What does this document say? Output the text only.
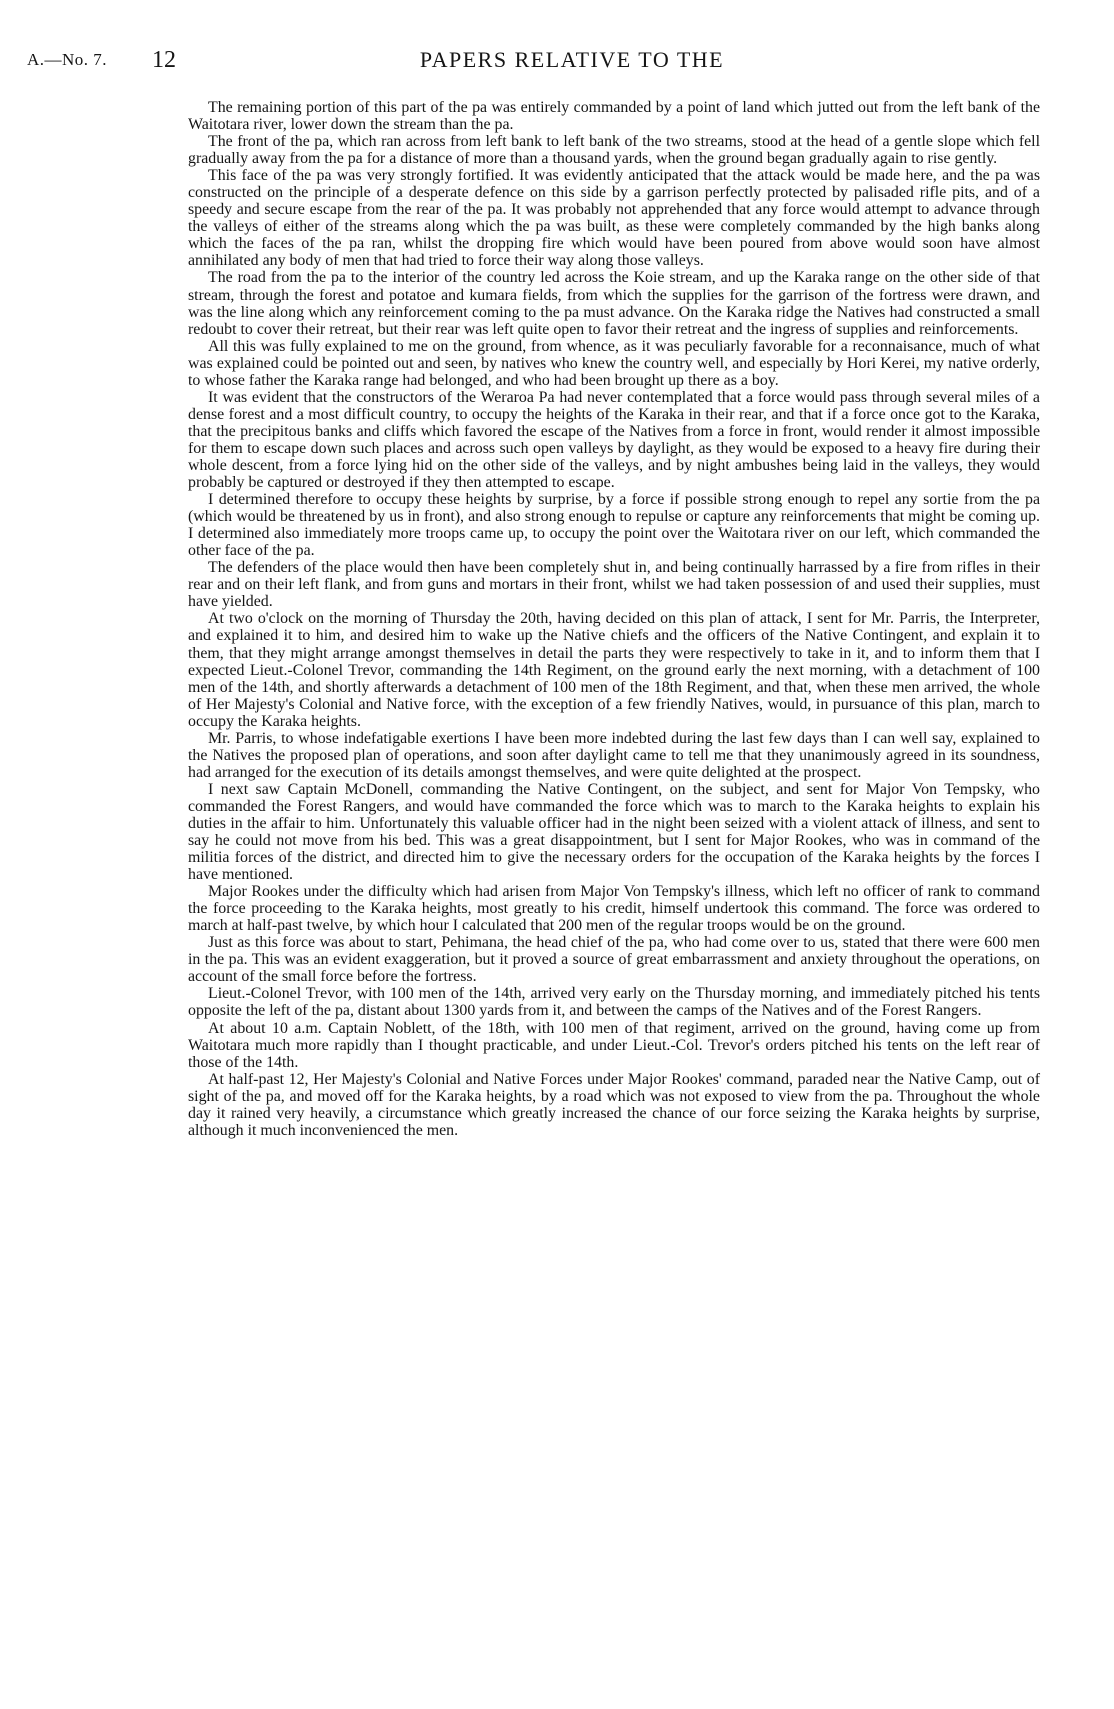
A.—No. 7. 12	PAPERS RELATIVE TO THE

The remaining portion of this part of the pa was entirely commanded by a point of land which jutted out from the left bank of the Waitotara river, lower down the stream than the pa.

The front of the pa, which ran across from left bank to left bank of the two streams, stood at the head of a gentle slope which fell gradually away from the pa for a distance of more than a thousand yards, when the ground began gradually again to rise gently.

This face of the pa was very strongly fortified. It was evidently anticipated that the attack would be made here, and the pa was constructed on the principle of a desperate defence on this side by a garrison perfectly protected by palisaded rifle pits, and of a speedy and secure escape from the rear of the pa. It was probably not apprehended that any force would attempt to advance through the valleys of either of the streams along which the pa was built, as these were completely commanded by the high banks along which the faces of the pa ran, whilst the dropping fire which would have been poured from above would soon have almost annihilated any body of men that had tried to force their way along those valleys.

The road from the pa to the interior of the country led across the Koie stream, and up the Karaka range on the other side of that stream, through the forest and potatoe and kumara fields, from which the supplies for the garrison of the fortress were drawn, and was the line along which any reinforcement coming to the pa must advance. On the Karaka ridge the Natives had constructed a small redoubt to cover their retreat, but their rear was left quite open to favor their retreat and the ingress of supplies and reinforcements.

All this was fully explained to me on the ground, from whence, as it was peculiarly favorable for a reconnaisance, much of what was explained could be pointed out and seen, by natives who knew the country well, and especially by Hori Kerei, my native orderly, to whose father the Karaka range had belonged, and who had been brought up there as a boy.

It was evident that the constructors of the Weraroa Pa had never contemplated that a force would pass through several miles of a dense forest and a most difficult country, to occupy the heights of the Karaka in their rear, and that if a force once got to the Karaka, that the precipitous banks and cliffs which favored the escape of the Natives from a force in front, would render it almost impossible for them to escape down such places and across such open valleys by daylight, as they would be exposed to a heavy fire during their whole descent, from a force lying hid on the other side of the valleys, and by night ambushes being laid in the valleys, they would probably be captured or destroyed if they then attempted to escape.

I determined therefore to occupy these heights by surprise, by a force if possible strong enough to repel any sortie from the pa (which would be threatened by us in front), and also strong enough to repulse or capture any reinforcements that might be coming up. I determined also immediately more troops came up, to occupy the point over the Waitotara river on our left, which commanded the other face of the pa.

The defenders of the place would then have been completely shut in, and being continually harrassed by a fire from rifles in their rear and on their left flank, and from guns and mortars in their front, whilst we had taken possession of and used their supplies, must have yielded.

At two o'clock on the morning of Thursday the 20th, having decided on this plan of attack, I sent for Mr. Parris, the Interpreter, and explained it to him, and desired him to wake up the Native chiefs and the officers of the Native Contingent, and explain it to them, that they might arrange amongst themselves in detail the parts they were respectively to take in it, and to inform them that I expected Lieut.-Colonel Trevor, commanding the 14th Regiment, on the ground early the next morning, with a detachment of 100 men of the 14th, and shortly afterwards a detachment of 100 men of the 18th Regiment, and that, when these men arrived, the whole of Her Majesty's Colonial and Native force, with the exception of a few friendly Natives, would, in pursuance of this plan, march to occupy the Karaka heights.

Mr. Parris, to whose indefatigable exertions I have been more indebted during the last few days than I can well say, explained to the Natives the proposed plan of operations, and soon after daylight came to tell me that they unanimously agreed in its soundness, had arranged for the execution of its details amongst themselves, and were quite delighted at the prospect.

I next saw Captain McDonell, commanding the Native Contingent, on the subject, and sent for Major Von Tempsky, who commanded the Forest Rangers, and would have commanded the force which was to march to the Karaka heights to explain his duties in the affair to him. Unfortunately this valuable officer had in the night been seized with a violent attack of illness, and sent to say he could not move from his bed. This was a great disappointment, but I sent for Major Rookes, who was in command of the militia forces of the district, and directed him to give the necessary orders for the occupation of the Karaka heights by the forces I have mentioned.

Major Rookes under the difficulty which had arisen from Major Von Tempsky's illness, which left no officer of rank to command the force proceeding to the Karaka heights, most greatly to his credit, himself undertook this command. The force was ordered to march at half-past twelve, by which hour I calculated that 200 men of the regular troops would be on the ground.

Just as this force was about to start, Pehimana, the head chief of the pa, who had come over to us, stated that there were 600 men in the pa. This was an evident exaggeration, but it proved a source of great embarrassment and anxiety throughout the operations, on account of the small force before the fortress.

Lieut.-Colonel Trevor, with 100 men of the 14th, arrived very early on the Thursday morning, and immediately pitched his tents opposite the left of the pa, distant about 1300 yards from it, and between the camps of the Natives and of the Forest Rangers.

At about 10 a.m. Captain Noblett, of the 18th, with 100 men of that regiment, arrived on the ground, having come up from Waitotara much more rapidly than I thought practicable, and under Lieut.-Col. Trevor's orders pitched his tents on the left rear of those of the 14th.

At half-past 12, Her Majesty's Colonial and Native Forces under Major Rookes' command, paraded near the Native Camp, out of sight of the pa, and moved off for the Karaka heights, by a road which was not exposed to view from the pa. Throughout the whole day it rained very heavily, a circumstance which greatly increased the chance of our force seizing the Karaka heights by surprise, although it much inconvenienced the men.
